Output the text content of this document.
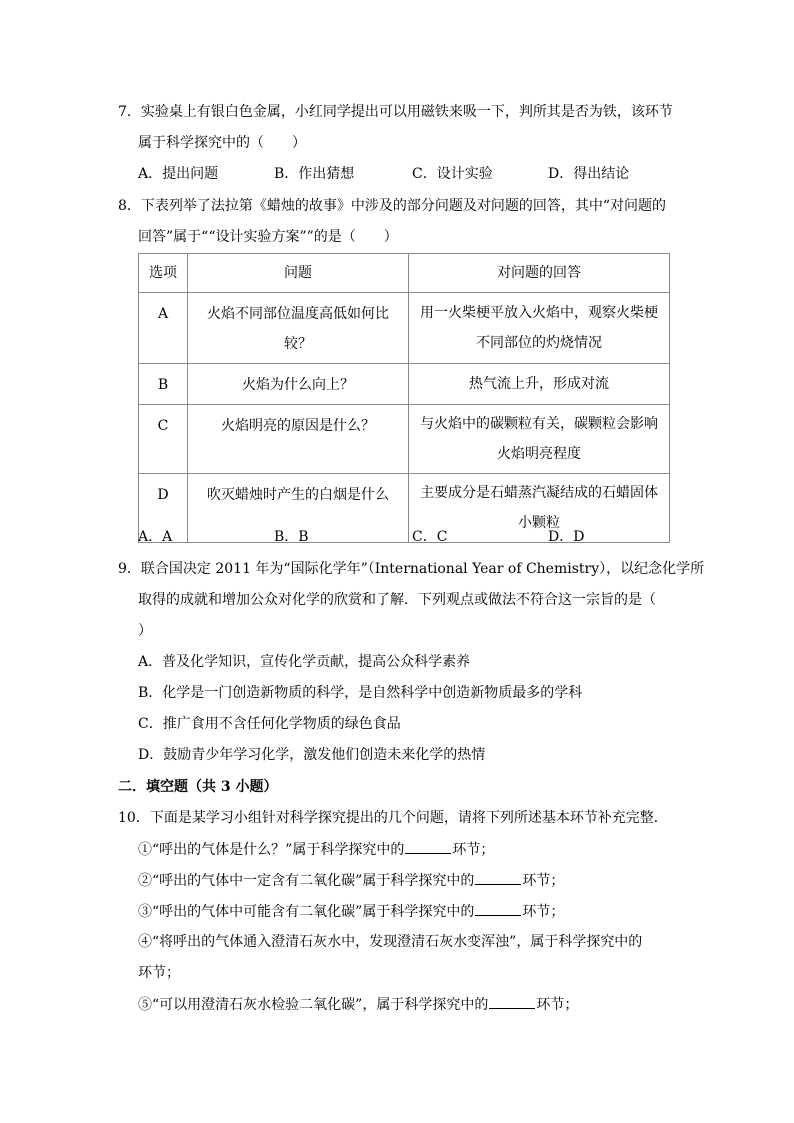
7．实验桌上有银白色金属，小红同学提出可以用磁铁来吸一下，判所其是否为铁，该环节
属于科学探究中的（　　）
A．提出问题	B．作出猜想	C．设计实验	D．得出结论
8．下表列举了法拉第《蜡烛的故事》中涉及的部分问题及对问题的回答，其中“对问题的
回答”属于““设计实验方案””的是（　　）
选项	问题	对问题的回答
A	火焰不同部位温度高低如何比较？	用一火柴梗平放入火焰中，观察火柴梗不同部位的灼烧情况
B	火焰为什么向上？	热气流上升，形成对流
C	火焰明亮的原因是什么？	与火焰中的碳颗粒有关，碳颗粒会影响火焰明亮程度
D	吹灭蜡烛时产生的白烟是什么	主要成分是石蜡蒸汽凝结成的石蜡固体小颗粒
A．A	B．B	C．C	D．D
9．联合国决定 2011 年为“国际化学年”（International Year of Chemistry），以纪念化学所
取得的成就和增加公众对化学的欣赏和了解．下列观点或做法不符合这一宗旨的是（
）
A．普及化学知识，宣传化学贡献，提高公众科学素养
B．化学是一门创造新物质的科学，是自然科学中创造新物质最多的学科
C．推广食用不含任何化学物质的绿色食品
D．鼓励青少年学习化学，激发他们创造未来化学的热情
二．填空题（共 3 小题）
10．下面是某学习小组针对科学探究提出的几个问题，请将下列所述基本环节补充完整．
①“呼出的气体是什么？”属于科学探究中的	环节；
②“呼出的气体中一定含有二氧化碳”属于科学探究中的	环节；
③“呼出的气体中可能含有二氧化碳”属于科学探究中的	环节；
④“将呼出的气体通入澄清石灰水中，发现澄清石灰水变浑浊”，属于科学探究中的
环节；
⑤“可以用澄清石灰水检验二氧化碳”，属于科学探究中的	环节；
